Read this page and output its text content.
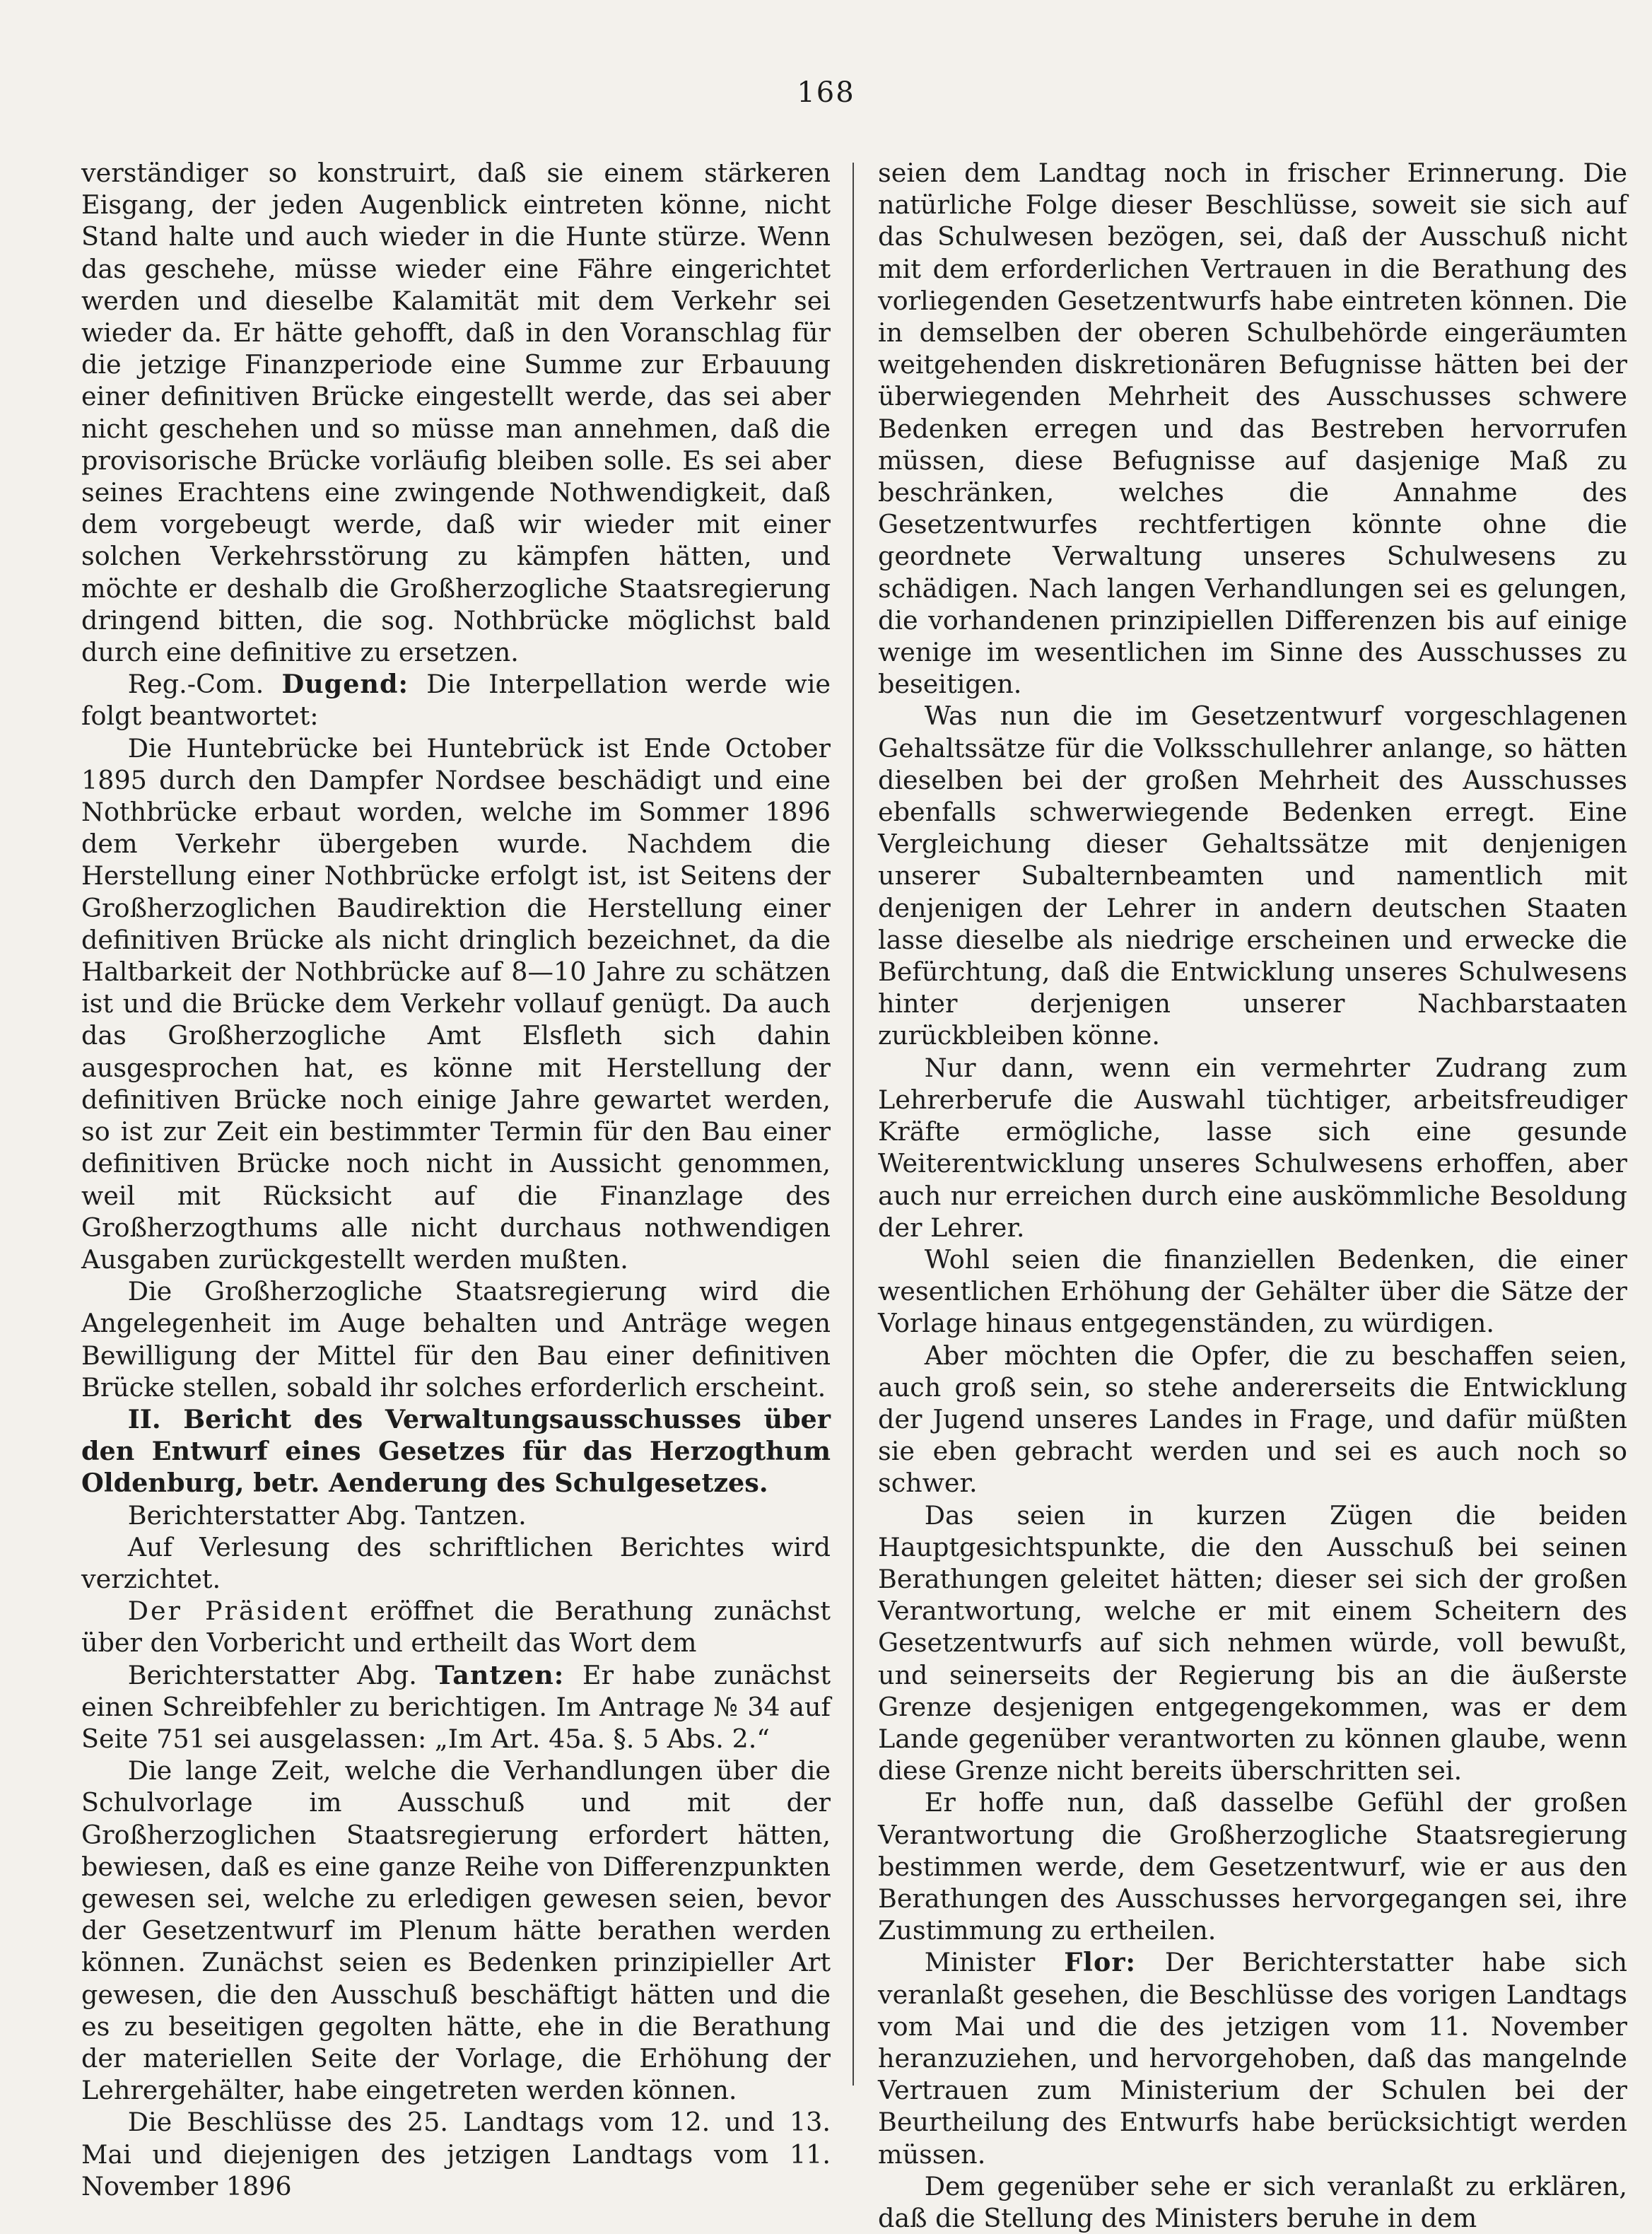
168

verständiger so konstruirt, daß sie einem stärkeren Eisgang, der jeden Augenblick eintreten könne, nicht Stand halte und auch wieder in die Hunte stürze. Wenn das geschehe, müsse wieder eine Fähre eingerichtet werden und dieselbe Kalamität mit dem Verkehr sei wieder da. Er hätte gehofft, daß in den Voranschlag für die jetzige Finanzperiode eine Summe zur Erbauung einer definitiven Brücke eingestellt werde, das sei aber nicht geschehen und so müsse man annehmen, daß die provisorische Brücke vorläufig bleiben solle. Es sei aber seines Erachtens eine zwingende Nothwendigkeit, daß dem vorgebeugt werde, daß wir wieder mit einer solchen Verkehrsstörung zu kämpfen hätten, und möchte er deshalb die Großherzogliche Staatsregierung dringend bitten, die sog. Nothbrücke möglichst bald durch eine definitive zu ersetzen.

Reg.-Com. Dugend: Die Interpellation werde wie folgt beantwortet:

Die Huntebrücke bei Huntebrück ist Ende October 1895 durch den Dampfer Nordsee beschädigt und eine Nothbrücke erbaut worden, welche im Sommer 1896 dem Verkehr übergeben wurde. Nachdem die Herstellung einer Nothbrücke erfolgt ist, ist Seitens der Großherzoglichen Baudirektion die Herstellung einer definitiven Brücke als nicht dringlich bezeichnet, da die Haltbarkeit der Nothbrücke auf 8—10 Jahre zu schätzen ist und die Brücke dem Verkehr vollauf genügt. Da auch das Großherzogliche Amt Elsfleth sich dahin ausgesprochen hat, es könne mit Herstellung der definitiven Brücke noch einige Jahre gewartet werden, so ist zur Zeit ein bestimmter Termin für den Bau einer definitiven Brücke noch nicht in Aussicht genommen, weil mit Rücksicht auf die Finanzlage des Großherzogthums alle nicht durchaus nothwendigen Ausgaben zurückgestellt werden mußten.

Die Großherzogliche Staatsregierung wird die Angelegenheit im Auge behalten und Anträge wegen Bewilligung der Mittel für den Bau einer definitiven Brücke stellen, sobald ihr solches erforderlich erscheint.

II. Bericht des Verwaltungsausschusses über den Entwurf eines Gesetzes für das Herzogthum Oldenburg, betr. Aenderung des Schulgesetzes.

Berichterstatter Abg. Tantzen.

Auf Verlesung des schriftlichen Berichtes wird verzichtet.

Der Präsident eröffnet die Berathung zunächst über den Vorbericht und ertheilt das Wort dem

Berichterstatter Abg. Tantzen: Er habe zunächst einen Schreibfehler zu berichtigen. Im Antrage № 34 auf Seite 751 sei ausgelassen: „Im Art. 45a. §. 5 Abs. 2.“

Die lange Zeit, welche die Verhandlungen über die Schulvorlage im Ausschuß und mit der Großherzoglichen Staatsregierung erfordert hätten, bewiesen, daß es eine ganze Reihe von Differenzpunkten gewesen sei, welche zu erledigen gewesen seien, bevor der Gesetzentwurf im Plenum hätte berathen werden können. Zunächst seien es Bedenken prinzipieller Art gewesen, die den Ausschuß beschäftigt hätten und die es zu beseitigen gegolten hätte, ehe in die Berathung der materiellen Seite der Vorlage, die Erhöhung der Lehrergehälter, habe eingetreten werden können.

Die Beschlüsse des 25. Landtags vom 12. und 13. Mai und diejenigen des jetzigen Landtags vom 11. November 1896

seien dem Landtag noch in frischer Erinnerung. Die natürliche Folge dieser Beschlüsse, soweit sie sich auf das Schulwesen bezögen, sei, daß der Ausschuß nicht mit dem erforderlichen Vertrauen in die Berathung des vorliegenden Gesetzentwurfs habe eintreten können. Die in demselben der oberen Schulbehörde eingeräumten weitgehenden diskretionären Befugnisse hätten bei der überwiegenden Mehrheit des Ausschusses schwere Bedenken erregen und das Bestreben hervorrufen müssen, diese Befugnisse auf dasjenige Maß zu beschränken, welches die Annahme des Gesetzentwurfes rechtfertigen könnte ohne die geordnete Verwaltung unseres Schulwesens zu schädigen. Nach langen Verhandlungen sei es gelungen, die vorhandenen prinzipiellen Differenzen bis auf einige wenige im wesentlichen im Sinne des Ausschusses zu beseitigen.

Was nun die im Gesetzentwurf vorgeschlagenen Gehaltssätze für die Volksschullehrer anlange, so hätten dieselben bei der großen Mehrheit des Ausschusses ebenfalls schwerwiegende Bedenken erregt. Eine Vergleichung dieser Gehaltssätze mit denjenigen unserer Subalternbeamten und namentlich mit denjenigen der Lehrer in andern deutschen Staaten lasse dieselbe als niedrige erscheinen und erwecke die Befürchtung, daß die Entwicklung unseres Schulwesens hinter derjenigen unserer Nachbarstaaten zurückbleiben könne.

Nur dann, wenn ein vermehrter Zudrang zum Lehrerberufe die Auswahl tüchtiger, arbeitsfreudiger Kräfte ermögliche, lasse sich eine gesunde Weiterentwicklung unseres Schulwesens erhoffen, aber auch nur erreichen durch eine auskömmliche Besoldung der Lehrer.

Wohl seien die finanziellen Bedenken, die einer wesentlichen Erhöhung der Gehälter über die Sätze der Vorlage hinaus entgegenständen, zu würdigen.

Aber möchten die Opfer, die zu beschaffen seien, auch groß sein, so stehe andererseits die Entwicklung der Jugend unseres Landes in Frage, und dafür müßten sie eben gebracht werden und sei es auch noch so schwer.

Das seien in kurzen Zügen die beiden Hauptgesichtspunkte, die den Ausschuß bei seinen Berathungen geleitet hätten; dieser sei sich der großen Verantwortung, welche er mit einem Scheitern des Gesetzentwurfs auf sich nehmen würde, voll bewußt, und seinerseits der Regierung bis an die äußerste Grenze desjenigen entgegengekommen, was er dem Lande gegenüber verantworten zu können glaube, wenn diese Grenze nicht bereits überschritten sei.

Er hoffe nun, daß dasselbe Gefühl der großen Verantwortung die Großherzogliche Staatsregierung bestimmen werde, dem Gesetzentwurf, wie er aus den Berathungen des Ausschusses hervorgegangen sei, ihre Zustimmung zu ertheilen.

Minister Flor: Der Berichterstatter habe sich veranlaßt gesehen, die Beschlüsse des vorigen Landtags vom Mai und die des jetzigen vom 11. November heranzuziehen, und hervorgehoben, daß das mangelnde Vertrauen zum Ministerium der Schulen bei der Beurtheilung des Entwurfs habe berücksichtigt werden müssen.

Dem gegenüber sehe er sich veranlaßt zu erklären, daß die Stellung des Ministers beruhe in dem
